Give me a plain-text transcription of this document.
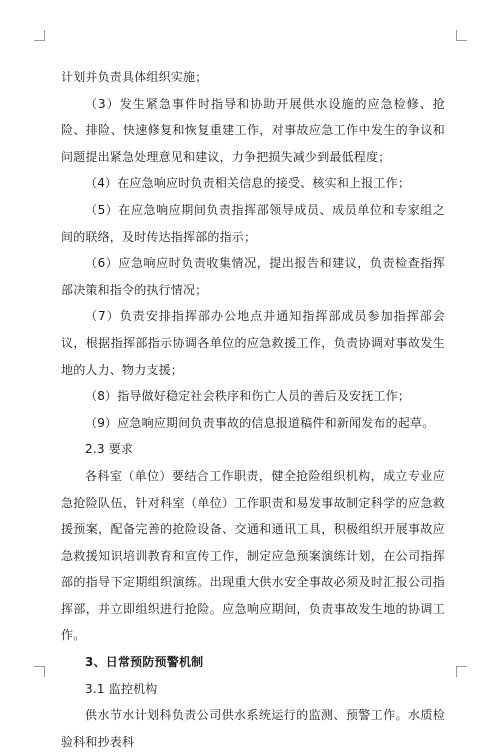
计划并负责具体组织实施；

（3）发生紧急事件时指导和协助开展供水设施的应急检修、抢险、排险、快速修复和恢复重建工作，对事故应急工作中发生的争议和问题提出紧急处理意见和建议，力争把损失减少到最低程度；

（4）在应急响应时负责相关信息的接受、核实和上报工作；

（5）在应急响应期间负责指挥部领导成员、成员单位和专家组之间的联络，及时传达指挥部的指示；

（6）应急响应时负责收集情况，提出报告和建议，负责检查指挥部决策和指令的执行情况；

（7）负责安排指挥部办公地点并通知指挥部成员参加指挥部会议，根据指挥部指示协调各单位的应急救援工作，负责协调对事故发生地的人力、物力支援；

（8）指导做好稳定社会秩序和伤亡人员的善后及安抚工作；

（9）应急响应期间负责事故的信息报道稿件和新闻发布的起草。

2.3 要求

各科室（单位）要结合工作职责，健全抢险组织机构，成立专业应急抢险队伍，针对科室（单位）工作职责和易发事故制定科学的应急救援预案，配备完善的抢险设备、交通和通讯工具，积极组织开展事故应急救援知识培训教育和宣传工作，制定应急预案演练计划，在公司指挥部的指导下定期组织演练。出现重大供水安全事故必须及时汇报公司指挥部，并立即组织进行抢险。应急响应期间，负责事故发生地的协调工作。

3、日常预防预警机制

3.1 监控机构

供水节水计划科负责公司供水系统运行的监测、预警工作。水质检验科和抄表科
